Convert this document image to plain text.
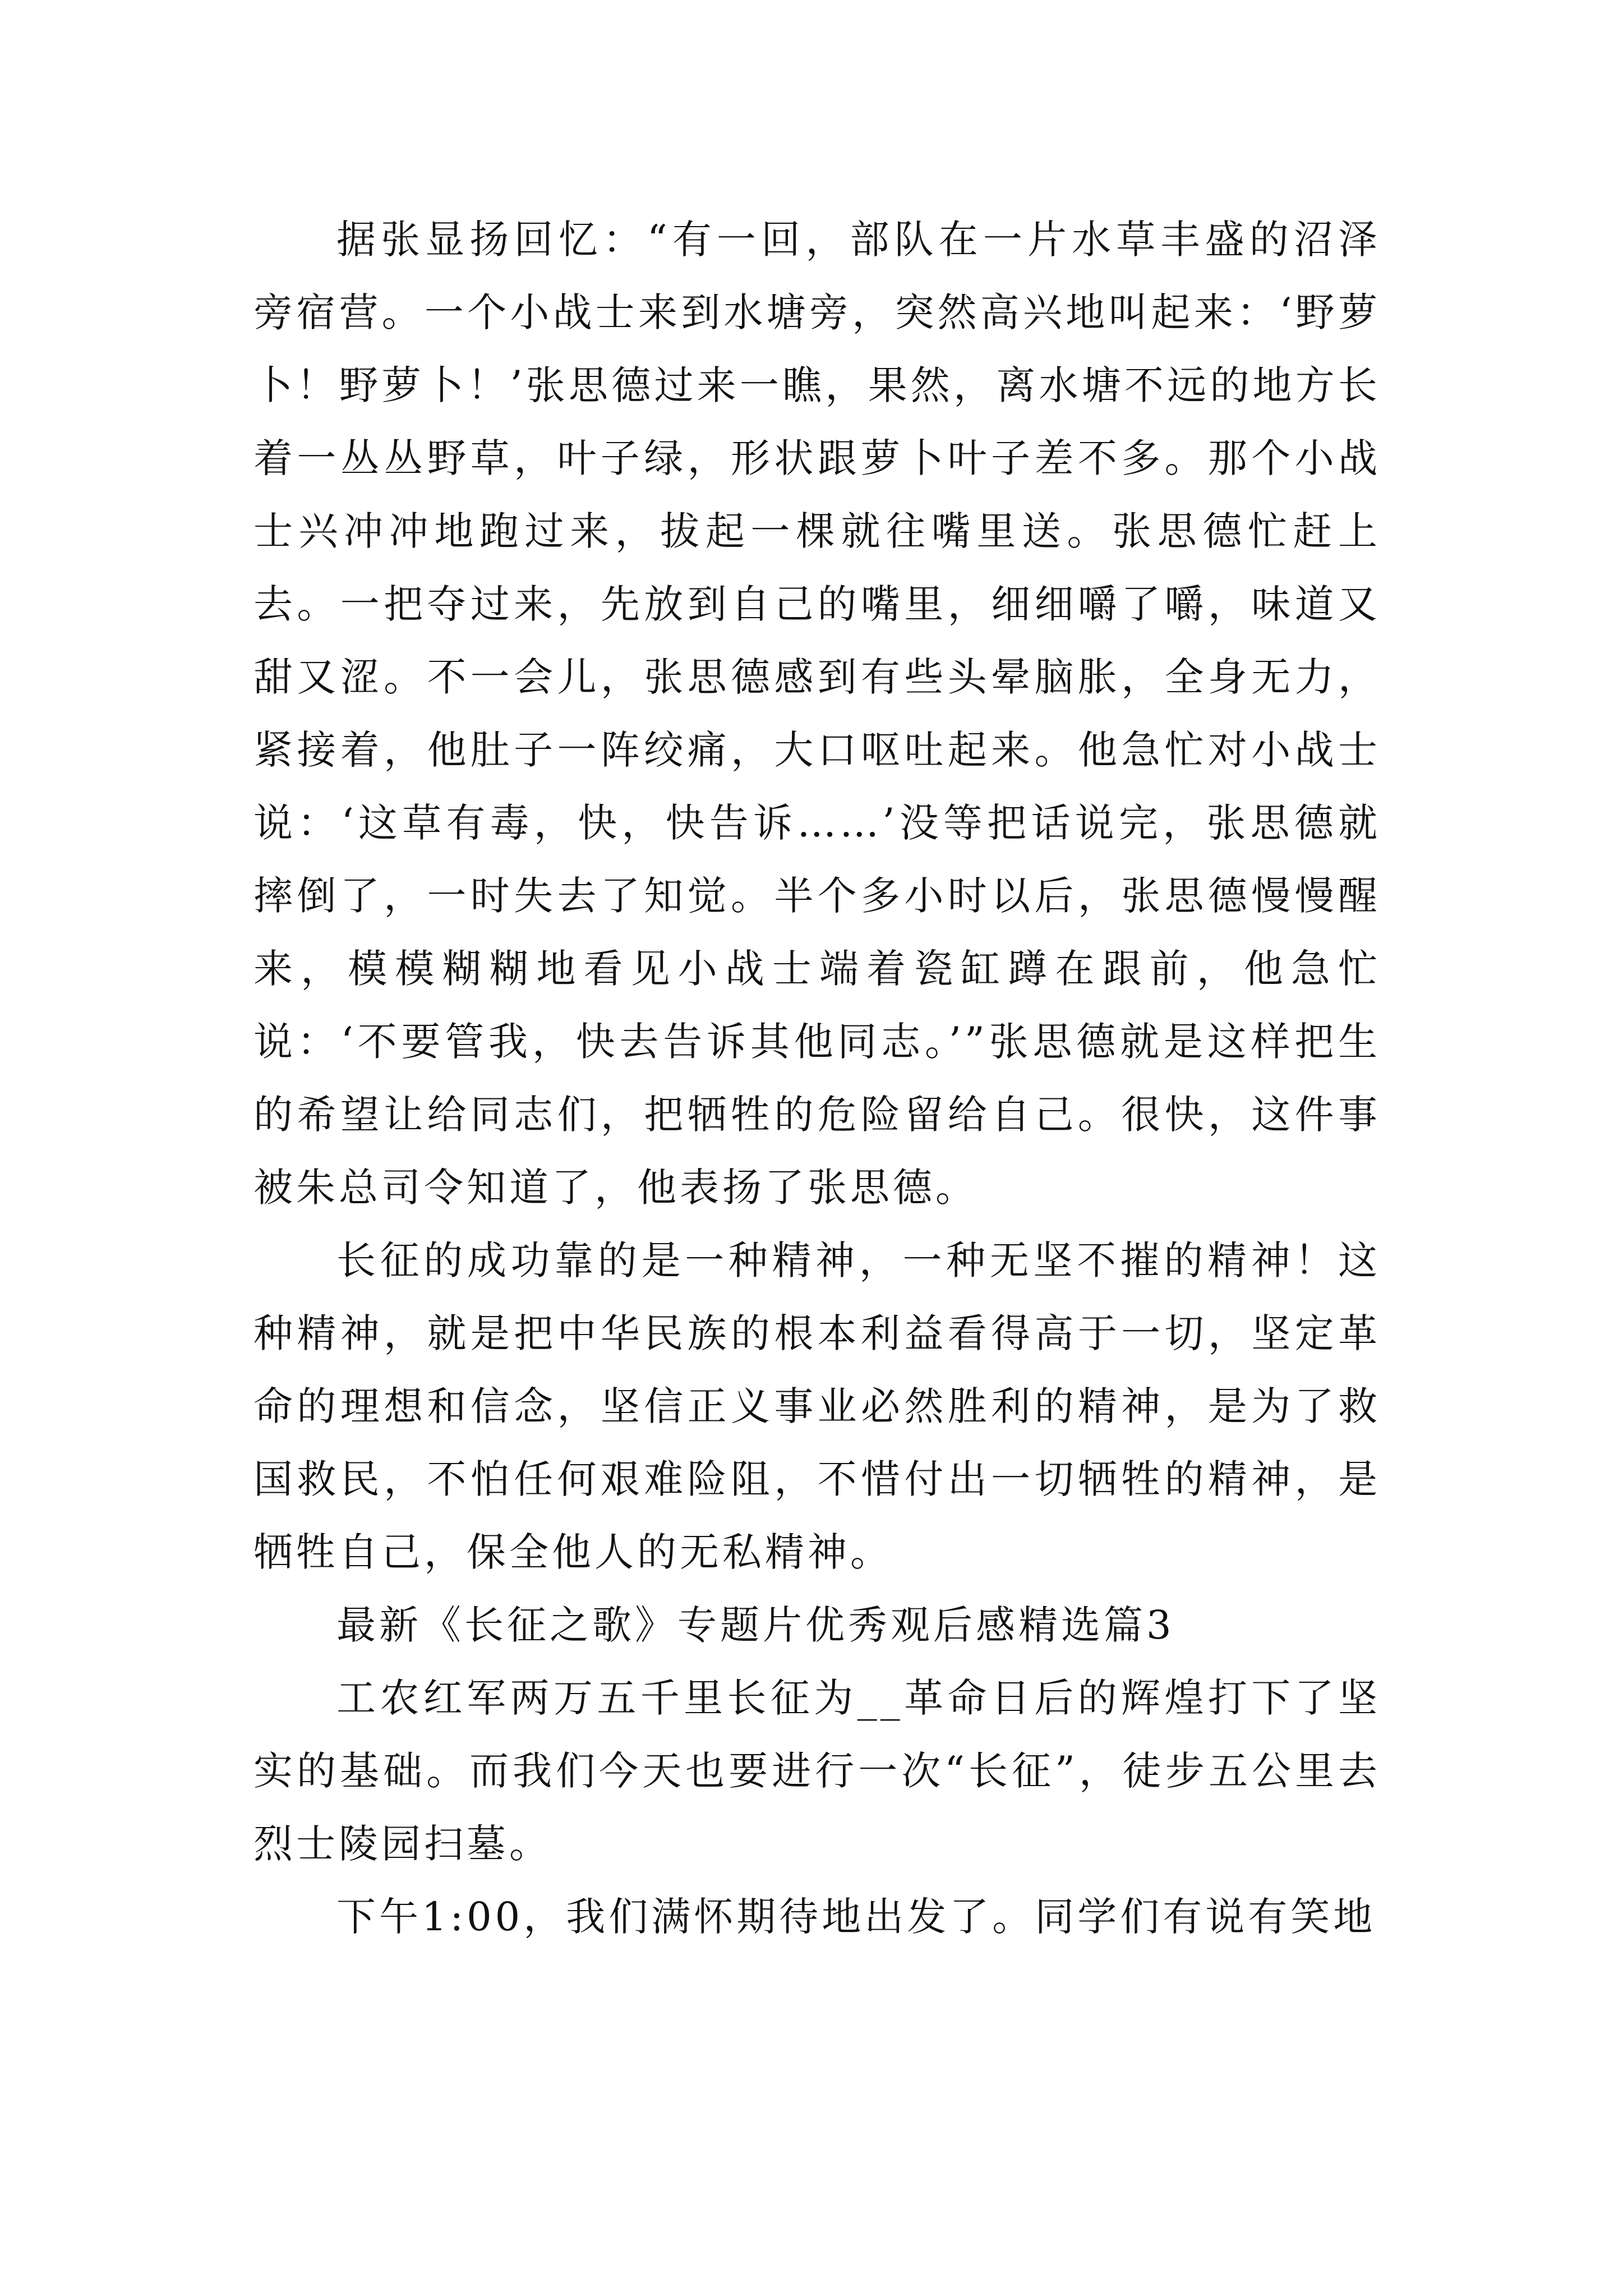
据张显扬回忆：“有一回，部队在一片水草丰盛的沼泽旁宿营。一个小战士来到水塘旁，突然高兴地叫起来：‘野萝卜！野萝卜！’张思德过来一瞧，果然，离水塘不远的地方长着一丛丛野草，叶子绿，形状跟萝卜叶子差不多。那个小战士兴冲冲地跑过来，拔起一棵就往嘴里送。张思德忙赶上去。一把夺过来，先放到自己的嘴里，细细嚼了嚼，味道又甜又涩。不一会儿，张思德感到有些头晕脑胀，全身无力，紧接着，他肚子一阵绞痛，大口呕吐起来。他急忙对小战士说：‘这草有毒，快，快告诉……’没等把话说完，张思德就摔倒了，一时失去了知觉。半个多小时以后，张思德慢慢醒来，模模糊糊地看见小战士端着瓷缸蹲在跟前，他急忙说：‘不要管我，快去告诉其他同志。’”张思德就是这样把生的希望让给同志们，把牺牲的危险留给自己。很快，这件事被朱总司令知道了，他表扬了张思德。

长征的成功靠的是一种精神，一种无坚不摧的精神！这种精神，就是把中华民族的根本利益看得高于一切，坚定革命的理想和信念，坚信正义事业必然胜利的精神，是为了救国救民，不怕任何艰难险阻，不惜付出一切牺牲的精神，是牺牲自己，保全他人的无私精神。

最新《长征之歌》专题片优秀观后感精选篇3

工农红军两万五千里长征为__革命日后的辉煌打下了坚实的基础。而我们今天也要进行一次“长征”，徒步五公里去烈士陵园扫墓。

下午1:00，我们满怀期待地出发了。同学们有说有笑地
